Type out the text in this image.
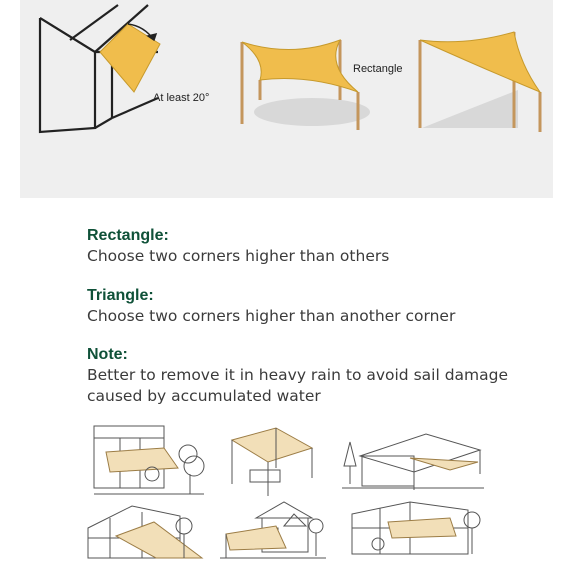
At least 20°
Rectangle
Rectangle:
Choose two corners higher than others
Triangle:
Choose two corners higher than another corner
Note:
Better to remove it in heavy rain to avoid sail damage
caused by accumulated water
